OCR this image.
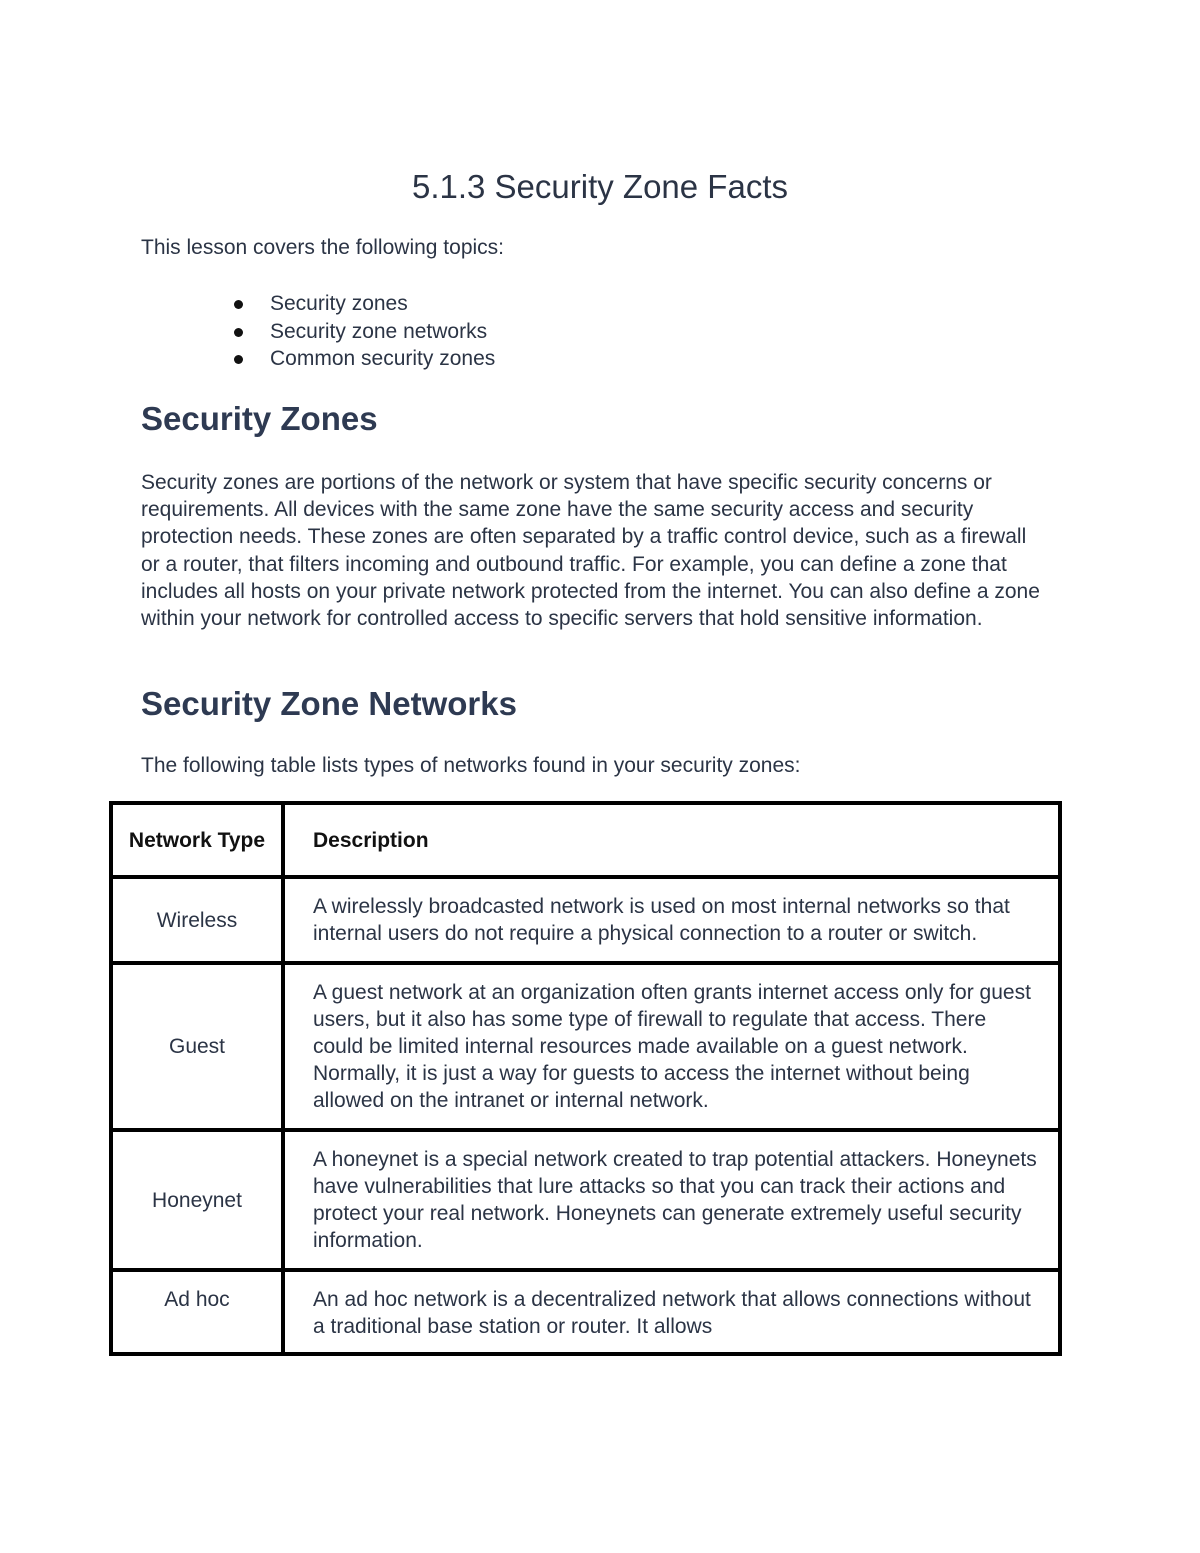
5.1.3 Security Zone Facts

This lesson covers the following topics:

Security zones
Security zone networks
Common security zones
Security Zones

Security zones are portions of the network or system that have specific security concerns or requirements. All devices with the same zone have the same security access and security protection needs. These zones are often separated by a traffic control device, such as a firewall or a router, that filters incoming and outbound traffic. For example, you can define a zone that includes all hosts on your private network protected from the internet. You can also define a zone within your network for controlled access to specific servers that hold sensitive information.

Security Zone Networks

The following table lists types of networks found in your security zones:

Network Type	Description
Wireless	A wirelessly broadcasted network is used on most internal networks so that internal users do not require a physical connection to a router or switch.
Guest	A guest network at an organization often grants internet access only for guest users, but it also has some type of firewall to regulate that access. There could be limited internal resources made available on a guest network. Normally, it is just a way for guests to access the internet without being allowed on the intranet or internal network.
Honeynet	A honeynet is a special network created to trap potential attackers. Honeynets have vulnerabilities that lure attacks so that you can track their actions and protect your real network. Honeynets can generate extremely useful security information.
Ad hoc	An ad hoc network is a decentralized network that allows connections without a traditional base station or router. It allows
